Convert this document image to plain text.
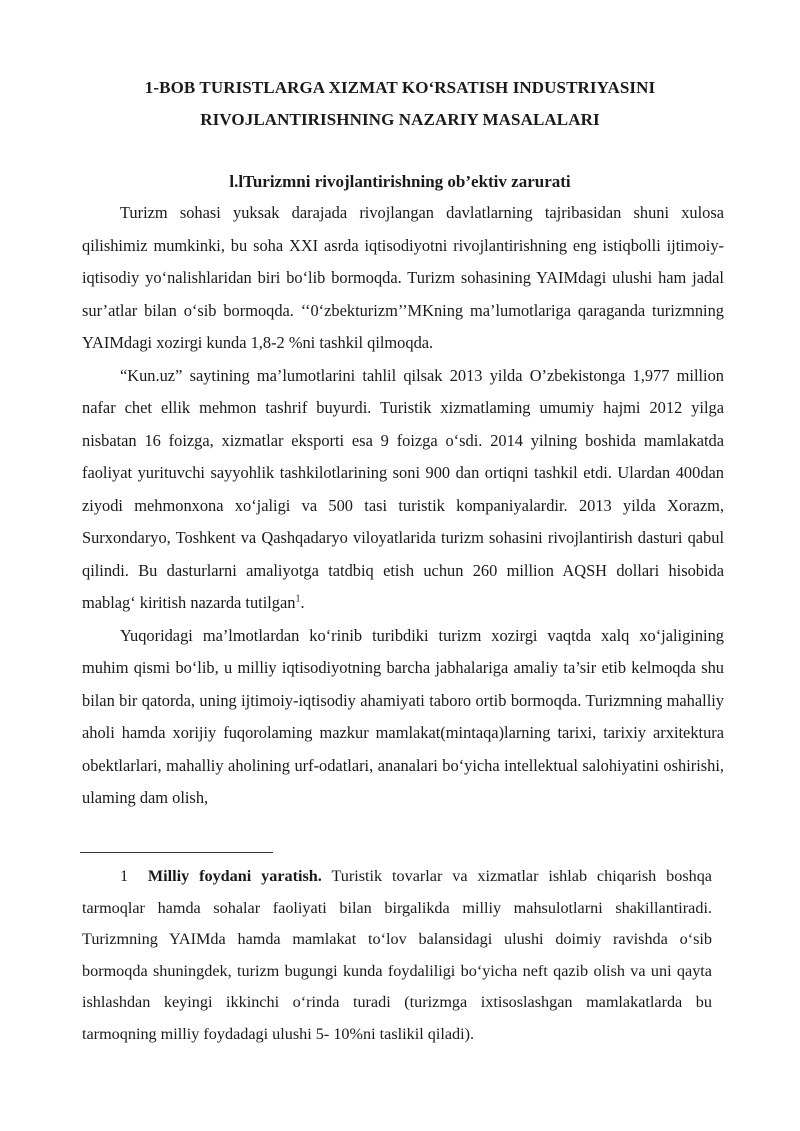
1-BOB TURISTLARGA XIZMAT KO‘RSATISH INDUSTRIYASINI
RIVOJLANTIRISHNING NAZARIY MASALALARI
l.lTurizmni rivojlantirishning ob’ektiv zarurati

Turizm sohasi yuksak darajada rivojlangan davlatlarning tajribasidan shuni xulosa qilishimiz mumkinki, bu soha XXI asrda iqtisodiyotni rivojlantirishning eng istiqbolli ijtimoiy-iqtisodiy yo‘nalishlaridan biri bo‘lib bormoqda. Turizm sohasining YAIMdagi ulushi ham jadal sur’atlar bilan o‘sib bormoqda. ‘‘0‘zbekturizm’’MKning ma’lumotlariga qaraganda turizmning YAIMdagi xozirgi kunda 1,8-2 %ni tashkil qilmoqda.

“Kun.uz” saytining ma’lumotlarini tahlil qilsak 2013 yilda O’zbekistonga 1,977 million nafar chet ellik mehmon tashrif buyurdi. Turistik xizmatlaming umumiy hajmi 2012 yilga nisbatan 16 foizga, xizmatlar eksporti esa 9 foizga o‘sdi. 2014 yilning boshida mamlakatda faoliyat yurituvchi sayyohlik tashkilotlarining soni 900 dan ortiqni tashkil etdi. Ulardan 400dan ziyodi mehmonxona xo‘jaligi va 500 tasi turistik kompaniyalardir. 2013 yilda Xorazm, Surxondaryo, Toshkent va Qashqadaryo viloyatlarida turizm sohasini rivojlantirish dasturi qabul qilindi. Bu dasturlarni amaliyotga tatdbiq etish uchun 260 million AQSH dollari hisobida mablag‘ kiritish nazarda tutilgan$^1$.

Yuqoridagi ma’lmotlardan ko‘rinib turibdiki turizm xozirgi vaqtda xalq xo‘jaligining muhim qismi bo‘lib, u milliy iqtisodiyotning barcha jabhalariga amaliy ta’sir etib kelmoqda shu bilan bir qatorda, uning ijtimoiy-iqtisodiy ahamiyati taboro ortib bormoqda. Turizmning mahalliy aholi hamda xorijiy fuqorolaming mazkur mamlakat(mintaqa)larning tarixi, tarixiy arxitektura obektlarlari, mahalliy aholining urf-odatlari, ananalari bo‘yicha intellektual salohiyatini oshirishi, ulaming dam olish,

1 Milliy foydani yaratish. Turistik tovarlar va xizmatlar ishlab chiqarish boshqa tarmoqlar hamda sohalar faoliyati bilan birgalikda milliy mahsulotlarni shakillantiradi. Turizmning YAIMda hamda mamlakat to‘lov balansidagi ulushi doimiy ravishda o‘sib bormoqda shuningdek, turizm bugungi kunda foydaliligi bo‘yicha neft qazib olish va uni qayta ishlashdan keyingi ikkinchi o‘rinda turadi (turizmga ixtisoslashgan mamlakatlarda bu tarmoqning milliy foydadagi ulushi 5- 10%ni taslikil qiladi).
